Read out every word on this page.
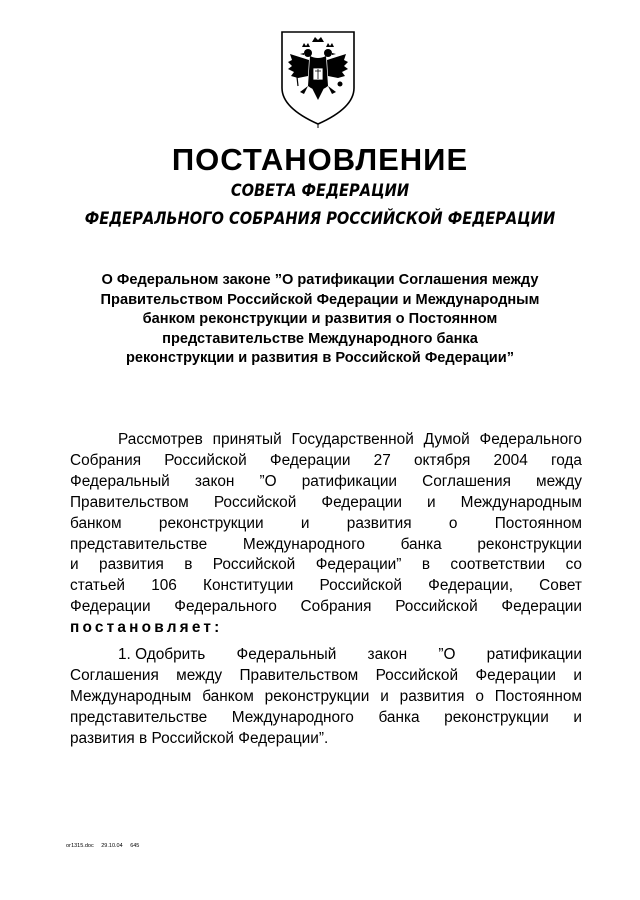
ПОСТАНОВЛЕНИЕ
СОВЕТА ФЕДЕРАЦИИ
ФЕДЕРАЛЬНОГО СОБРАНИЯ РОССИЙСКОЙ ФЕДЕРАЦИИ
О Федеральном законе ”О ратификации Соглашения между
Правительством Российской Федерации и Международным
банком реконструкции и развития о Постоянном
представительстве Международного банка
реконструкции и развития в Российской Федерации”
Рассмотрев принятый Государственной Думой Федерального
Собрания Российской Федерации 27 октября 2004 года
Федеральный закон ”О ратификации Соглашения между
Правительством Российской Федерации и Международным
банком реконструкции и развития о Постоянном
представительстве Международного банка реконструкции
и развития в Российской Федерации” в соответствии со
статьей 106 Конституции Российской Федерации, Совет
Федерации Федерального Собрания Российской Федерации
постановляет:
1. Одобрить Федеральный закон ”О ратификации
Соглашения между Правительством Российской Федерации и
Международным банком реконструкции и развития о Постоянном
представительстве Международного банка реконструкции и
развития в Российской Федерации”.
ог1315.doc 29.10.04 645
